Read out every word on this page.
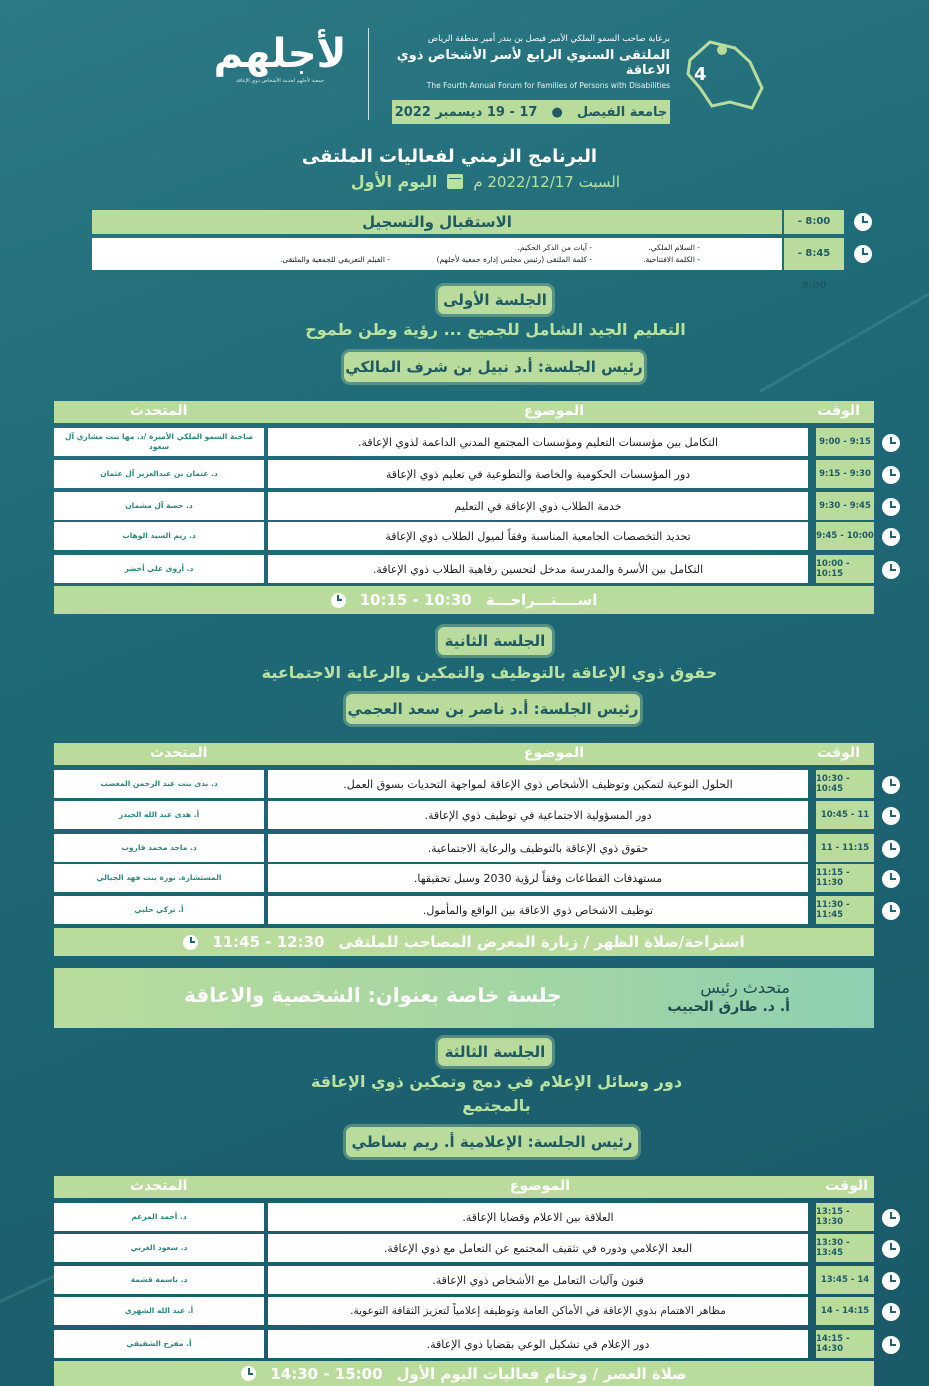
لأجلهم
جمعية لأجلهم لخدمة الأشخاص ذوي الإعاقة
برعاية صاحب السمو الملكي الأمير فيصل بن بندر أمير منطقة الرياض
الملتقى السنوي الرابع لأسر الأشخاص ذوي الاعاقة
The Fourth Annual Forum for Families of Persons with Disabilities
جامعة الفيصل
●
17 - 19 ديسمبر 2022
4
البرنامج الزمني لفعاليات الملتقى
السبت 2022/12/17 م
اليوم الأول
الاستقبال والتسجيل	8:00 -
- السلام الملكي.
- الكلمة الافتتاحية.
- آيات من الذكر الحكيم.
- كلمة الملتقى (رئيس مجلس إدارة جمعية لأجلهم)
- الفيلم التعريفي للجمعية والملتقى.
8:45 - 9:00
الجلسة الأولى
التعليم الجيد الشامل للجميع ... رؤية وطن طموح
رئيس الجلسة: أ.د نبيل بن شرف المالكي
الوقت
الموضوع
المتحدث
صاحبة السمو الملكي الأميرة /د. مها بنت مشاري آل سعود	التكامل بين مؤسسات التعليم ومؤسسات المجتمع المدني الداعمة لذوي الإعاقة.	9:00 - 9:15
د. عثمان بن عبدالعزيز آل عثمان	دور المؤسسات الحكومية والخاصة والتطوعية في تعليم ذوي الإعاقة	9:15 - 9:30
د. حصة آل مشمان	خدمة الطلاب ذوي الإعاقة في التعليم	9:30 - 9:45
د. ريم السيد الوهاب	تحديد التخصصات الجامعية المناسبة وفقاً لميول الطلاب ذوي الإعاقة	9:45 - 10:00
د. أروى علي أخضر	التكامل بين الأسرة والمدرسة مدخل لتحسين رفاهية الطلاب ذوي الإعاقة.	10:00 - 10:15
اســــتـــراحـــة
10:15 - 10:30
الجلسة الثانية
حقوق ذوي الإعاقة بالتوظيف والتمكين والرعاية الاجتماعية
رئيس الجلسة: أ.د ناصر بن سعد العجمي
الوقت
الموضوع
المتحدث
د. ندى بنت عبد الرحمن المغضب	الحلول النوعية لتمكين وتوظيف الأشخاص ذوي الإعاقة لمواجهة التحديات بسوق العمل.	10:30 - 10:45
أ. هدى عبد الله الحيدر	دور المسؤولية الاجتماعية في توظيف ذوي الإعاقة.	10:45 - 11
د. ماجد محمد قاروب	حقوق ذوي الإعاقة بالتوظيف والرعاية الاجتماعية.	11 - 11:15
المستشارة. نورة بنت فهد الجبالي	مستهدفات القطاعات وفقاً لرؤية 2030 وسبل تحقيقها.	11:15 - 11:30
أ. تركي حلبي	توظيف الاشخاص ذوي الاعاقة بين الواقع والمأمول.	11:30 - 11:45
استراحة/صلاة الظهر / زيارة المعرض المصاحب للملتقى
11:45 - 12:30
جلسة خاصة بعنوان: الشخصية والاعاقة	متحدث رئيس
أ. د. طارق الحبيب
الجلسة الثالثة
دور وسائل الإعلام في دمج وتمكين ذوي الإعاقة
بالمجتمع
رئيس الجلسة: الإعلامية أ. ريم بساطي
الوقت
الموضوع
المتحدث
د. أحمد المرغم	العلاقة بين الاعلام وقضايا الإعاقة.	13:15 - 13:30
د. سعود الغربي	البعد الإعلامي ودوره في تثقيف المجتمع عن التعامل مع ذوي الإعاقة.	13:30 - 13:45
د. باسمة قشمة	فنون وآليات التعامل مع الأشخاص ذوي الإعاقة.	13:45 - 14
أ. عبد الله الشهري	مظاهر الاهتمام بذوي الإعاقة في الأماكن العامة وتوظيفه إعلامياً لتعزيز الثقافة التوعوية.	14 - 14:15
أ. مفرح الشقيقي	دور الإعلام في تشكيل الوعي بقضايا ذوي الإعاقة.	14:15 - 14:30
صلاة العصر / وختام فعاليات اليوم الأول
14:30 - 15:00
